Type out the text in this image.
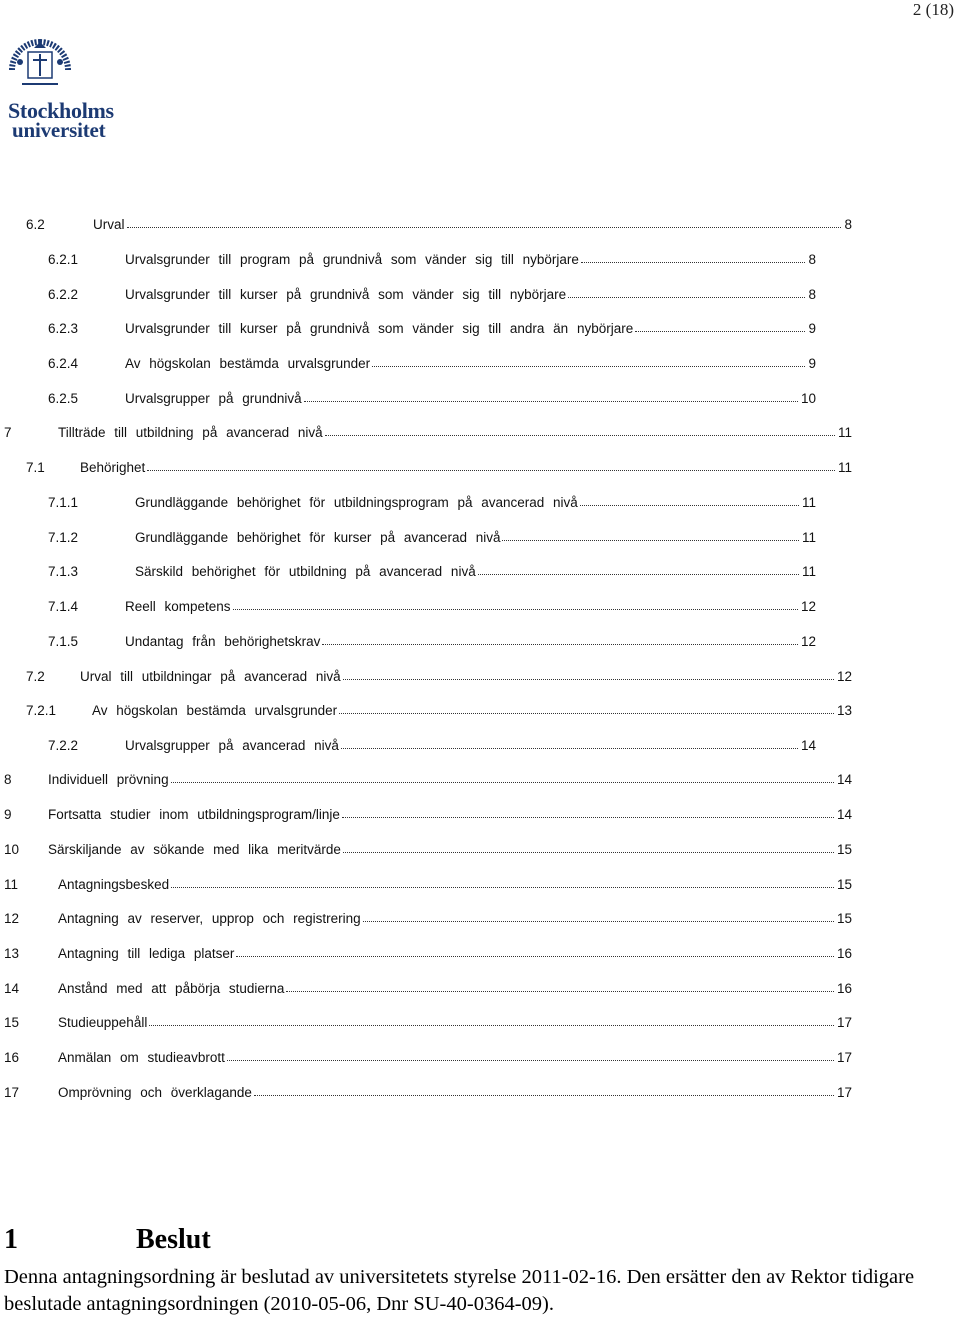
2 (18)
Stockholms
universitet
6.2	Urval	8
6.2.1	Urvalsgrunder till program på grundnivå som vänder sig till nybörjare	8
6.2.2	Urvalsgrunder till kurser på grundnivå som vänder sig till nybörjare	8
6.2.3	Urvalsgrunder till kurser på grundnivå som vänder sig till andra än nybörjare	9
6.2.4	Av högskolan bestämda urvalsgrunder	9
6.2.5	Urvalsgrupper på grundnivå	10
7	Tillträde till utbildning på avancerad nivå	11
7.1	Behörighet	11
7.1.1	Grundläggande behörighet för utbildningsprogram på avancerad nivå	11
7.1.2	Grundläggande behörighet för kurser på avancerad nivå	11
7.1.3	Särskild behörighet för utbildning på avancerad nivå	11
7.1.4	Reell kompetens	12
7.1.5	Undantag från behörighetskrav	12
7.2	Urval till utbildningar på avancerad nivå	12
7.2.1	Av högskolan bestämda urvalsgrunder	13
7.2.2	Urvalsgrupper på avancerad nivå	14
8	Individuell prövning	14
9	Fortsatta studier inom utbildningsprogram/linje	14
10 Särskiljande av sökande med lika meritvärde	15
11	Antagningsbesked	15
12	Antagning av reserver, upprop och registrering	15
13	Antagning till lediga platser	16
14	Anstånd med att påbörja studierna	16
15	Studieuppehåll	17
16	Anmälan om studieavbrott	17
17	Omprövning och överklagande	17
1	Beslut
Denna antagningsordning är beslutad av universitetets styrelse 2011-02-16. Den ersätter den av Rektor tidigare beslutade antagningsordningen (2010-05-06, Dnr SU-40-0364-09).
